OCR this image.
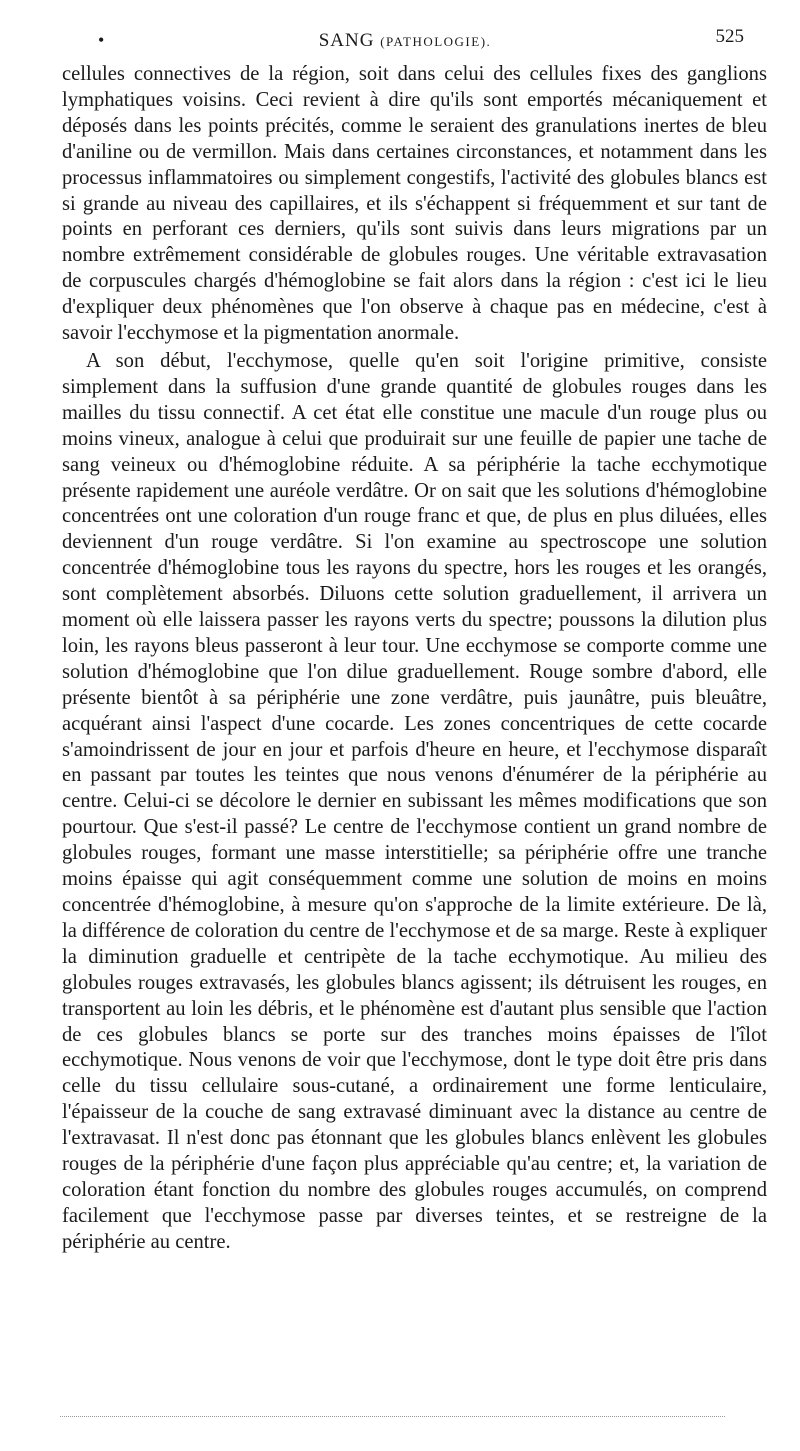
•	SANG (PATHOLOGIE).	525

cellules connectives de la région, soit dans celui des cellules fixes des ganglions lymphatiques voisins. Ceci revient à dire qu'ils sont emportés mécaniquement et déposés dans les points précités, comme le seraient des granulations inertes de bleu d'aniline ou de vermillon. Mais dans certaines circonstances, et notamment dans les processus inflammatoires ou simplement congestifs, l'activité des globules blancs est si grande au niveau des capillaires, et ils s'échappent si fréquemment et sur tant de points en perforant ces derniers, qu'ils sont suivis dans leurs migrations par un nombre extrêmement considérable de globules rouges. Une véritable extravasation de corpuscules chargés d'hémoglobine se fait alors dans la région : c'est ici le lieu d'expliquer deux phénomènes que l'on observe à chaque pas en médecine, c'est à savoir l'ecchymose et la pigmentation anormale.

A son début, l'ecchymose, quelle qu'en soit l'origine primitive, consiste simplement dans la suffusion d'une grande quantité de globules rouges dans les mailles du tissu connectif. A cet état elle constitue une macule d'un rouge plus ou moins vineux, analogue à celui que produirait sur une feuille de papier une tache de sang veineux ou d'hémoglobine réduite. A sa périphérie la tache ecchymotique présente rapidement une auréole verdâtre. Or on sait que les solutions d'hémoglobine concentrées ont une coloration d'un rouge franc et que, de plus en plus diluées, elles deviennent d'un rouge verdâtre. Si l'on examine au spectroscope une solution concentrée d'hémoglobine tous les rayons du spectre, hors les rouges et les orangés, sont complètement absorbés. Diluons cette solution graduellement, il arrivera un moment où elle laissera passer les rayons verts du spectre; poussons la dilution plus loin, les rayons bleus passeront à leur tour. Une ecchymose se comporte comme une solution d'hémoglobine que l'on dilue graduellement. Rouge sombre d'abord, elle présente bientôt à sa périphérie une zone verdâtre, puis jaunâtre, puis bleuâtre, acquérant ainsi l'aspect d'une cocarde. Les zones concentriques de cette cocarde s'amoindrissent de jour en jour et parfois d'heure en heure, et l'ecchymose disparaît en passant par toutes les teintes que nous venons d'énumérer de la périphérie au centre. Celui-ci se décolore le dernier en subissant les mêmes modifications que son pourtour. Que s'est-il passé? Le centre de l'ecchymose contient un grand nombre de globules rouges, formant une masse interstitielle; sa périphérie offre une tranche moins épaisse qui agit conséquemment comme une solution de moins en moins concentrée d'hémoglobine, à mesure qu'on s'approche de la limite extérieure. De là, la différence de coloration du centre de l'ecchymose et de sa marge. Reste à expliquer la diminution graduelle et centripète de la tache ecchymotique. Au milieu des globules rouges extravasés, les globules blancs agissent; ils détruisent les rouges, en transportent au loin les débris, et le phénomène est d'autant plus sensible que l'action de ces globules blancs se porte sur des tranches moins épaisses de l'îlot ecchymotique. Nous venons de voir que l'ecchymose, dont le type doit être pris dans celle du tissu cellulaire sous-cutané, a ordinairement une forme lenticulaire, l'épaisseur de la couche de sang extravasé diminuant avec la distance au centre de l'extravasat. Il n'est donc pas étonnant que les globules blancs enlèvent les globules rouges de la périphérie d'une façon plus appréciable qu'au centre; et, la variation de coloration étant fonction du nombre des globules rouges accumulés, on comprend facilement que l'ecchymose passe par diverses teintes, et se restreigne de la périphérie au centre.
